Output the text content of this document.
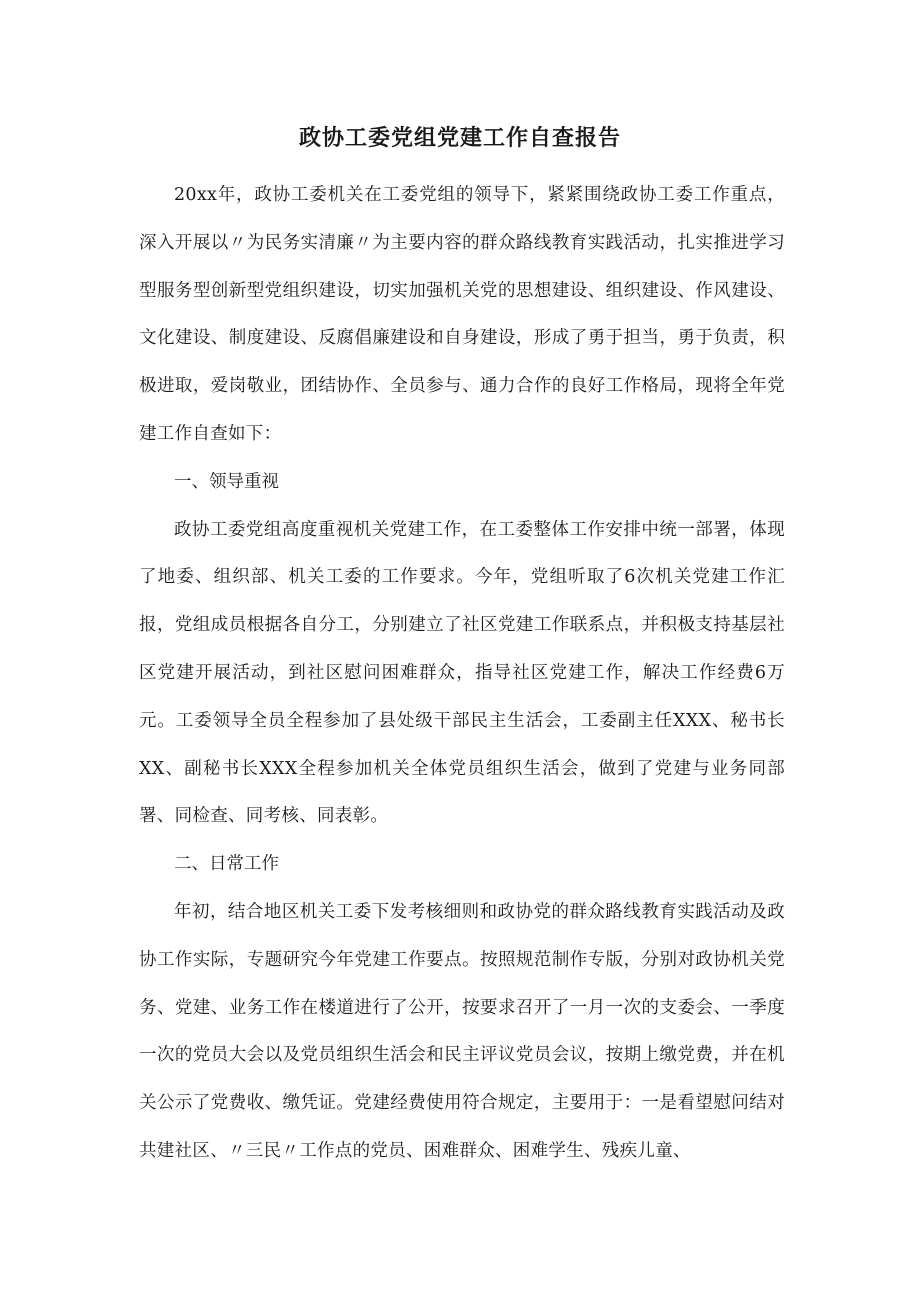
政协工委党组党建工作自查报告

20xx年，政协工委机关在工委党组的领导下，紧紧围绕政协工委工作重点，深入开展以〃为民务实清廉〃为主要内容的群众路线教育实践活动，扎实推进学习型服务型创新型党组织建设，切实加强机关党的思想建设、组织建设、作风建设、文化建设、制度建设、反腐倡廉建设和自身建设，形成了勇于担当，勇于负责，积极进取，爱岗敬业，团结协作、全员参与、通力合作的良好工作格局，现将全年党建工作自查如下：

一、领导重视

政协工委党组高度重视机关党建工作，在工委整体工作安排中统一部署，体现了地委、组织部、机关工委的工作要求。今年，党组听取了6次机关党建工作汇报，党组成员根据各自分工，分别建立了社区党建工作联系点，并积极支持基层社区党建开展活动，到社区慰问困难群众，指导社区党建工作，解决工作经费6万元。工委领导全员全程参加了县处级干部民主生活会，工委副主任XXX、秘书长XX、副秘书长XXX全程参加机关全体党员组织生活会，做到了党建与业务同部署、同检查、同考核、同表彰。

二、日常工作

年初，结合地区机关工委下发考核细则和政协党的群众路线教育实践活动及政协工作实际，专题研究今年党建工作要点。按照规范制作专版，分别对政协机关党务、党建、业务工作在楼道进行了公开，按要求召开了一月一次的支委会、一季度一次的党员大会以及党员组织生活会和民主评议党员会议，按期上缴党费，并在机关公示了党费收、缴凭证。党建经费使用符合规定，主要用于：一是看望慰问结对共建社区、〃三民〃工作点的党员、困难群众、困难学生、残疾儿童、
